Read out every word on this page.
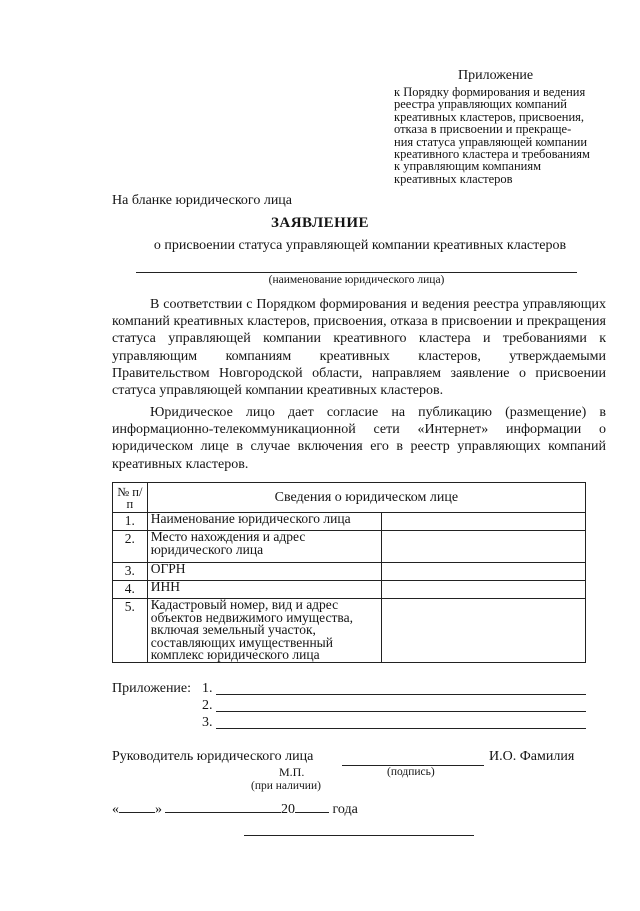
Приложение
к Порядку формирования и ведения
реестра управляющих компаний
креативных кластеров, присвоения,
отказа в присвоении и прекраще-
ния статуса управляющей компании
креативного кластера и требованиям
к управляющим компаниям
креативных кластеров
На бланке юридического лица
ЗАЯВЛЕНИЕ
о присвоении статуса управляющей компании креативных кластеров
(наименование юридического лица)

В соответствии с Порядком формирования и ведения реестра управляющих компаний креативных кластеров, присвоения, отказа в присвоении и прекращения статуса управляющей компании креативного кластера и требованиями к управляющим компаниям креативных кластеров, утверждаемыми Правительством Новгородской области, направляем заявление о присвоении статуса управляющей компании креативных кластеров.

Юридическое лицо дает согласие на публикацию (размещение) в информационно-телекоммуникационной сети «Интернет» информации о юридическом лице в случае включения его в реестр управляющих компаний креативных кластеров.

№ п/п	Сведения о юридическом лице	
1.	Наименование юридического лица	
2.	Место нахождения и адрес юридического лица	
3.	ОГРН	
4.	ИНН	
5.	Кадастровый номер, вид и адрес объектов недвижимого имущества, включая земельный участок, составляющих имущественный комплекс юридического лица	
Приложение: 1.
2.
3.
Руководитель юридического лица	И.О. Фамилия
М.П.	(подпись)
(при наличии)
«	»	20	года
